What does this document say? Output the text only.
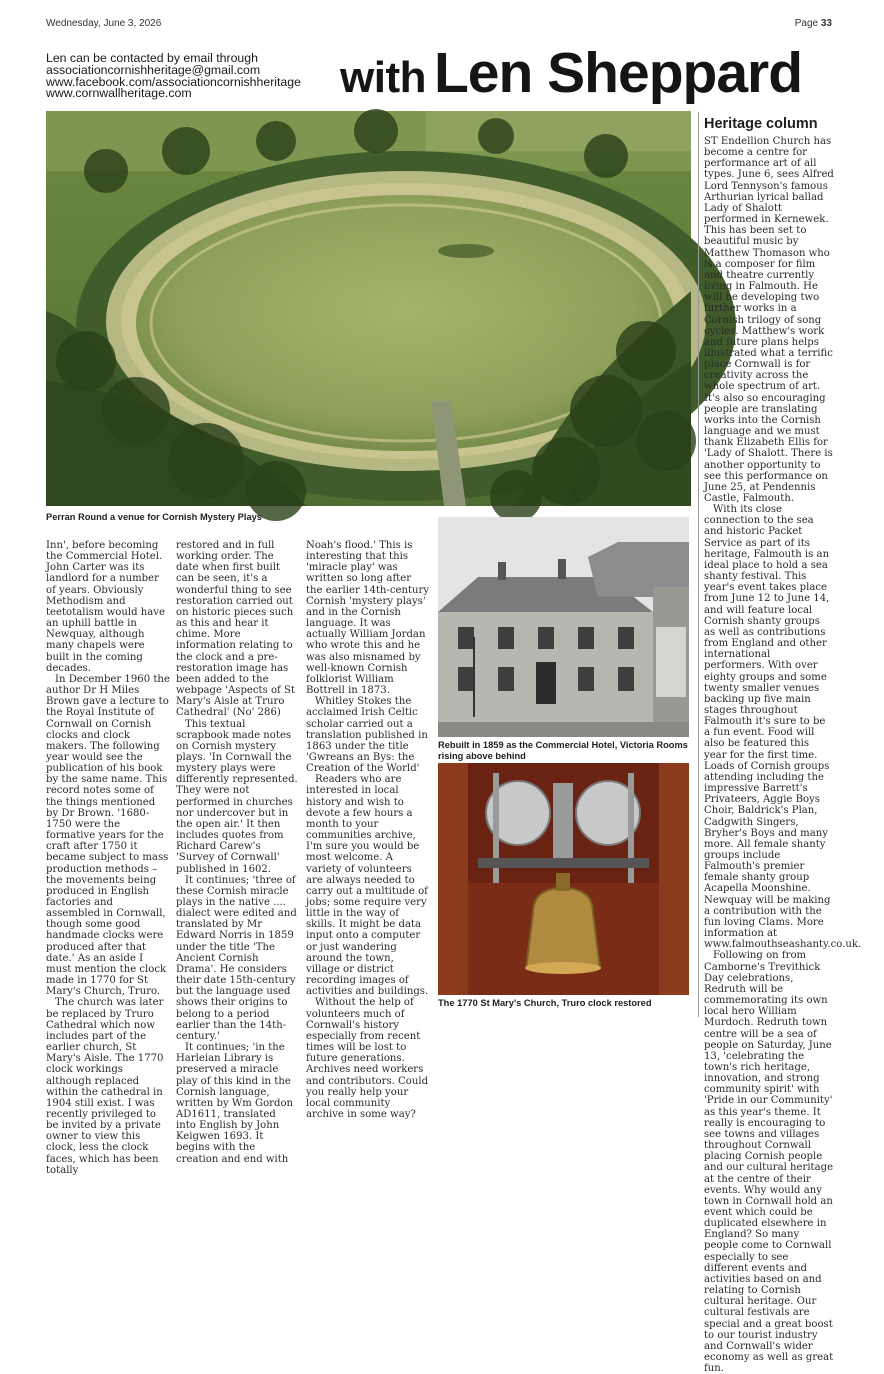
Wednesday, June 3, 2026	Page 33
Len can be contacted by email through
associationcornishheritage@gmail.com
www.facebook.com/associationcornishheritage
www.cornwallheritage.com	with Len Sheppard
Perran Round a venue for Cornish Mystery Plays
Heritage column

ST Endellion Church has become a centre for performance art of all types. June 6, sees Alfred Lord Tennyson's famous Arthurian lyrical ballad Lady of Shalott performed in Kernewek. This has been set to beautiful music by Matthew Thomason who is a composer for film and theatre currently living in Falmouth. He will be developing two further works in a Cornish trilogy of song cycles. Matthew's work and future plans helps illustrated what a terrific place Cornwall is for creativity across the whole spectrum of art. It's also so encouraging people are translating works into the Cornish language and we must thank Elizabeth Ellis for 'Lady of Shalott. There is another opportunity to see this performance on June 25, at Pendennis Castle, Falmouth.

With its close connection to the sea and historic Packet Service as part of its heritage, Falmouth is an ideal place to hold a sea shanty festival. This year's event takes place from June 12 to June 14, and will feature local Cornish shanty groups as well as contributions from England and other international performers. With over eighty groups and some twenty smaller venues backing up five main stages throughout Falmouth it's sure to be a fun event. Food will also be featured this year for the first time. Loads of Cornish groups attending including the impressive Barrett's Privateers, Aggie Boys Choir, Baldrick's Plan, Cadgwith Singers, Bryher's Boys and many more. All female shanty groups include Falmouth's premier female shanty group Acapella Moonshine. Newquay will be making a contribution with the fun loving Clams. More information at www.falmouthseashanty.co.uk.

Following on from Camborne's Trevithick Day celebrations, Redruth will be commemorating its own local hero William Murdoch. Redruth town centre will be a sea of people on Saturday, June 13, 'celebrating the town's rich heritage, innovation, and strong community spirit' with 'Pride in our Community' as this year's theme. It really is encouraging to see towns and villages throughout Cornwall placing Cornish people and our cultural heritage at the centre of their events. Why would any town in Cornwall hold an event which could be duplicated elsewhere in England? So many people come to Cornwall especially to see different events and activities based on and relating to Cornish cultural heritage. Our cultural festivals are special and a great boost to our tourist industry and Cornwall's wider economy as well as great fun.

Inn', before becoming the Commercial Hotel. John Carter was its landlord for a number of years. Obviously Methodism and teetotalism would have an uphill battle in Newquay, although many chapels were built in the coming decades.

In December 1960 the author Dr H Miles Brown gave a lecture to the Royal Institute of Cornwall on Cornish clocks and clock makers. The following year would see the publication of his book by the same name. This record notes some of the things mentioned by Dr Brown. '1680-1750 were the formative years for the craft after 1750 it became subject to mass production methods – the movements being produced in English factories and assembled in Cornwall, though some good handmade clocks were produced after that date.' As an aside I must mention the clock made in 1770 for St Mary's Church, Truro.

The church was later be replaced by Truro Cathedral which now includes part of the earlier church, St Mary's Aisle. The 1770 clock workings although replaced within the cathedral in 1904 still exist. I was recently privileged to be invited by a private owner to view this clock, less the clock faces, which has been totally

restored and in full working order. The date when first built can be seen, it's a wonderful thing to see restoration carried out on historic pieces such as this and hear it chime. More information relating to the clock and a pre-restoration image has been added to the webpage 'Aspects of St Mary's Aisle at Truro Cathedral' (No' 286)

This textual scrapbook made notes on Cornish mystery plays. 'In Cornwall the mystery plays were differently represented. They were not performed in churches nor undercover but in the open air.' It then includes quotes from Richard Carew's 'Survey of Cornwall' published in 1602.

It continues; 'three of these Cornish miracle plays in the native .... dialect were edited and translated by Mr Edward Norris in 1859 under the title 'The Ancient Cornish Drama'. He considers their date 15th-century but the language used shows their origins to belong to a period earlier than the 14th-century.'

It continues; 'in the Harleian Library is preserved a miracle play of this kind in the Cornish language, written by Wm Gordon AD1611, translated into English by John Keigwen 1693. It begins with the creation and end with

Noah's flood.' This is interesting that this 'miracle play' was written so long after the earlier 14th-century Cornish 'mystery plays' and in the Cornish language. It was actually William Jordan who wrote this and he was also misnamed by well-known Cornish folklorist William Bottrell in 1873.

Whitley Stokes the acclaimed Irish Celtic scholar carried out a translation published in 1863 under the title 'Gwreans an Bys: the Creation of the World'

Readers who are interested in local history and wish to devote a few hours a month to your communities archive, I'm sure you would be most welcome. A variety of volunteers are always needed to carry out a multitude of jobs; some require very little in the way of skills. It might be data input onto a computer or just wandering around the town, village or district recording images of activities and buildings.

Without the help of volunteers much of Cornwall's history especially from recent times will be lost to future generations. Archives need workers and contributors. Could you really help your local community archive in some way?

Rebuilt in 1859 as the Commercial Hotel, Victoria Rooms rising above behind
The 1770 St Mary's Church, Truro clock restored
